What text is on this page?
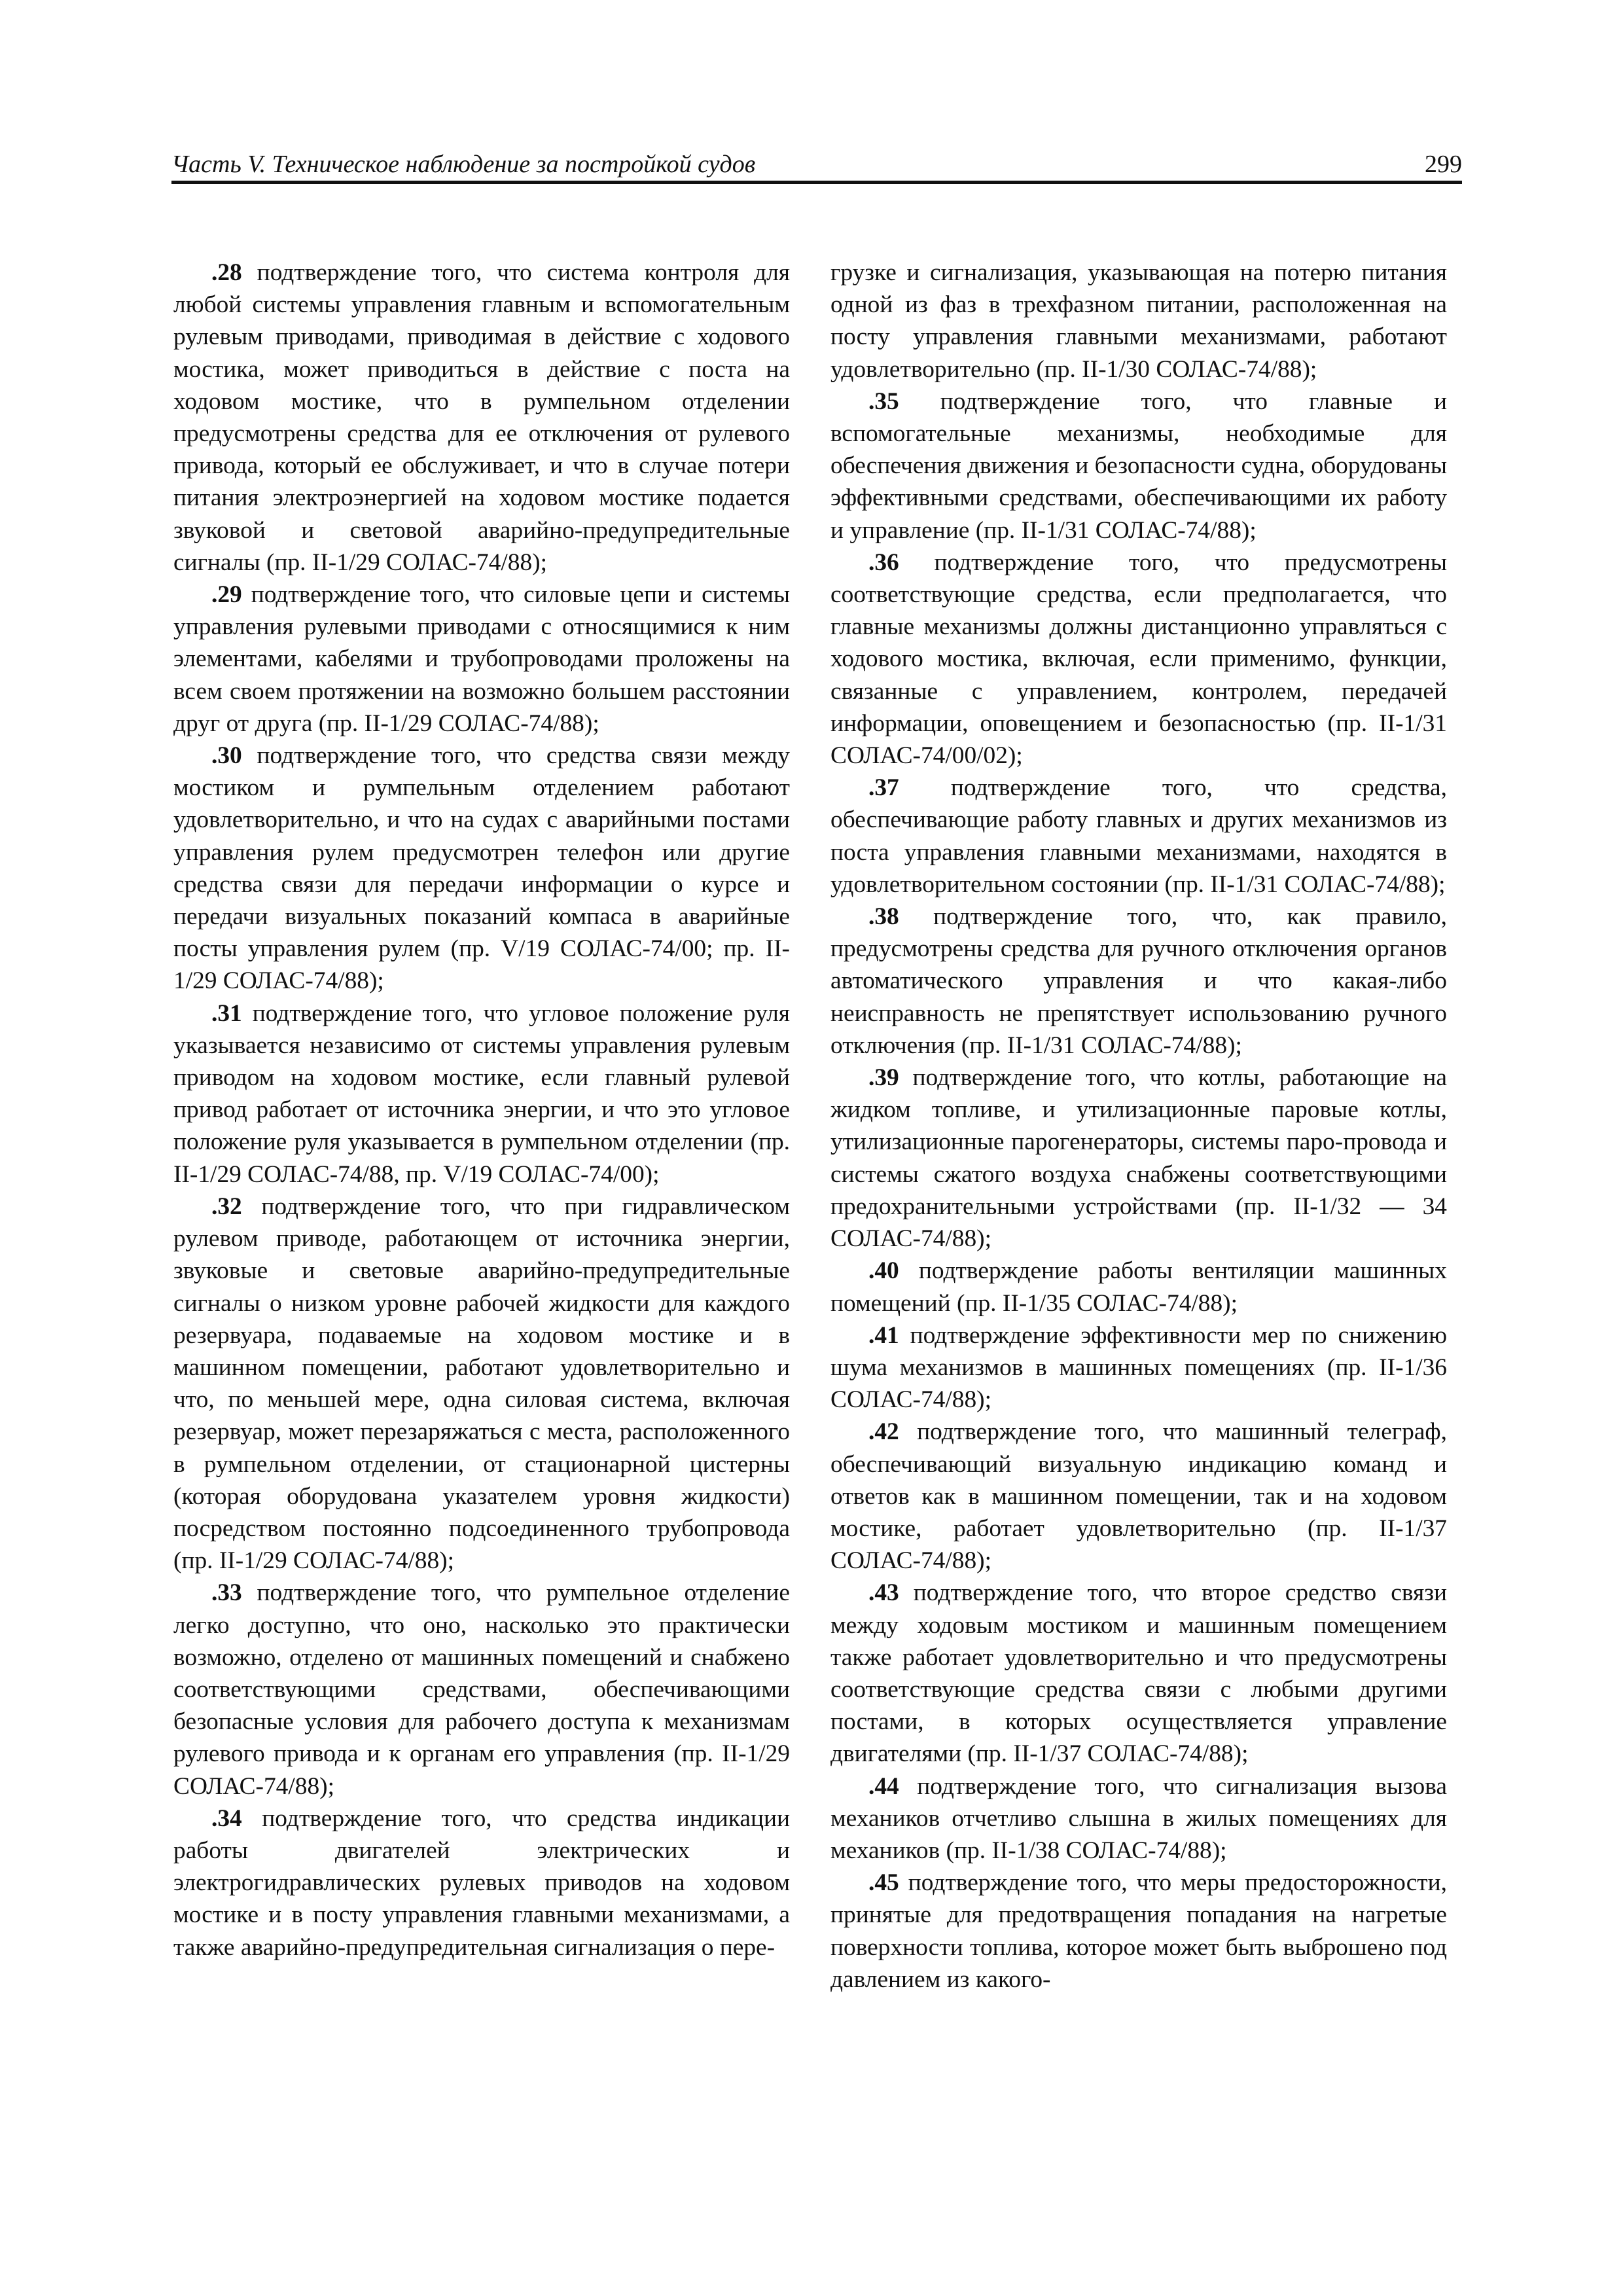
Часть V. Техническое наблюдение за постройкой судов	299

.28 подтверждение того, что система контроля для любой системы управления главным и вспомогательным рулевым приводами, приводимая в действие с ходового мостика, может приводиться в действие с поста на ходовом мостике, что в румпельном отделении предусмотрены средства для ее отключения от рулевого привода, который ее обслуживает, и что в случае потери питания электроэнергией на ходовом мостике подается звуковой и световой аварийно-предупредительные сигналы (пр. II-1/29 СОЛАС-74/88);

.29 подтверждение того, что силовые цепи и системы управления рулевыми приводами с относящимися к ним элементами, кабелями и трубопроводами проложены на всем своем протяжении на возможно большем расстоянии друг от друга (пр. II-1/29 СОЛАС-74/88);

.30 подтверждение того, что средства связи между мостиком и румпельным отделением работают удовлетворительно, и что на судах с аварийными постами управления рулем предусмотрен телефон или другие средства связи для передачи информации о курсе и передачи визуальных показаний компаса в аварийные посты управления рулем (пр. V/19 СОЛАС-74/00; пр. II-1/29 СОЛАС-74/88);

.31 подтверждение того, что угловое положение руля указывается независимо от системы управления рулевым приводом на ходовом мостике, если главный рулевой привод работает от источника энергии, и что это угловое положение руля указывается в румпельном отделении (пр. II-1/29 СОЛАС-74/88, пр. V/19 СОЛАС-74/00);

.32 подтверждение того, что при гидравлическом рулевом приводе, работающем от источника энергии, звуковые и световые аварийно-предупредительные сигналы о низком уровне рабочей жидкости для каждого резервуара, подаваемые на ходовом мостике и в машинном помещении, работают удовлетворительно и что, по меньшей мере, одна силовая система, включая резервуар, может перезаряжаться с места, расположенного в румпельном отделении, от стационарной цистерны (которая оборудована указателем уровня жидкости) посредством постоянно подсоединенного трубопровода (пр. II-1/29 СОЛАС-74/88);

.33 подтверждение того, что румпельное отделение легко доступно, что оно, насколько это практически возможно, отделено от машинных помещений и снабжено соответствующими средствами, обеспечивающими безопасные условия для рабочего доступа к механизмам рулевого привода и к органам его управления (пр. II-1/29 СОЛАС-74/88);

.34 подтверждение того, что средства индикации работы двигателей электрических и электрогидравлических рулевых приводов на ходовом мостике и в посту управления главными механизмами, а также аварийно-предупредительная сигнализация о пере-

грузке и сигнализация, указывающая на потерю питания одной из фаз в трехфазном питании, расположенная на посту управления главными механизмами, работают удовлетворительно (пр. II-1/30 СОЛАС-74/88);

.35 подтверждение того, что главные и вспомогательные механизмы, необходимые для обеспечения движения и безопасности судна, оборудованы эффективными средствами, обеспечивающими их работу и управление (пр. II-1/31 СОЛАС-74/88);

.36 подтверждение того, что предусмотрены соответствующие средства, если предполагается, что главные механизмы должны дистанционно управляться с ходового мостика, включая, если применимо, функции, связанные с управлением, контролем, передачей информации, оповещением и безопасностью (пр. II-1/31 СОЛАС-74/00/02);

.37 подтверждение того, что средства, обеспечивающие работу главных и других механизмов из поста управления главными механизмами, находятся в удовлетворительном состоянии (пр. II-1/31 СОЛАС-74/88);

.38 подтверждение того, что, как правило, предусмотрены средства для ручного отключения органов автоматического управления и что какая-либо неисправность не препятствует использованию ручного отключения (пр. II-1/31 СОЛАС-74/88);

.39 подтверждение того, что котлы, работающие на жидком топливе, и утилизационные паровые котлы, утилизационные парогенераторы, системы паро-провода и системы сжатого воздуха снабжены соответствующими предохранительными устройствами (пр. II-1/32 — 34 СОЛАС-74/88);

.40 подтверждение работы вентиляции машинных помещений (пр. II-1/35 СОЛАС-74/88);

.41 подтверждение эффективности мер по снижению шума механизмов в машинных помещениях (пр. II-1/36 СОЛАС-74/88);

.42 подтверждение того, что машинный телеграф, обеспечивающий визуальную индикацию команд и ответов как в машинном помещении, так и на ходовом мостике, работает удовлетворительно (пр. II-1/37 СОЛАС-74/88);

.43 подтверждение того, что второе средство связи между ходовым мостиком и машинным помещением также работает удовлетворительно и что предусмотрены соответствующие средства связи с любыми другими постами, в которых осуществляется управление двигателями (пр. II-1/37 СОЛАС-74/88);

.44 подтверждение того, что сигнализация вызова механиков отчетливо слышна в жилых помещениях для механиков (пр. II-1/38 СОЛАС-74/88);

.45 подтверждение того, что меры предосторожности, принятые для предотвращения попадания на нагретые поверхности топлива, которое может быть выброшено под давлением из какого-
